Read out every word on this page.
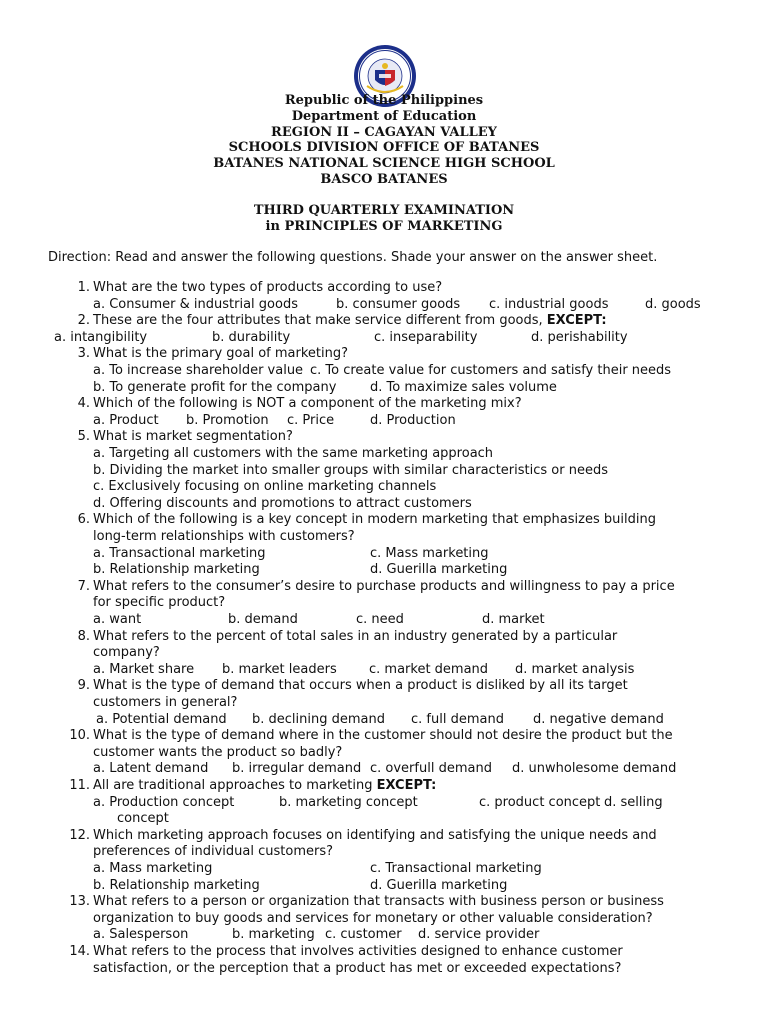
Republic of the Philippines
Department of Education
REGION II – CAGAYAN VALLEY
SCHOOLS DIVISION OFFICE OF BATANES
BATANES NATIONAL SCIENCE HIGH SCHOOL
BASCO BATANES
THIRD QUARTERLY EXAMINATION
in PRINCIPLES OF MARKETING
Direction: Read and answer the following questions. Shade your answer on the answer sheet.
1. What are the two types of products according to use?
a. Consumer & industrial goods	b. consumer goods c. industrial goods	d. goods
2. These are the four attributes that make service different from goods, EXCEPT:
a. intangibility	b. durability	c. inseparability	d. perishability
3. What is the primary goal of marketing?
a. To increase shareholder value c. To create value for customers and satisfy their needs
b. To generate profit for the company	d. To maximize sales volume
4. Which of the following is NOT a component of the marketing mix?
a. Product b. Promotion c. Price	d. Production
5. What is market segmentation?
a. Targeting all customers with the same marketing approach
b. Dividing the market into smaller groups with similar characteristics or needs
c. Exclusively focusing on online marketing channels
d. Offering discounts and promotions to attract customers
6. Which of the following is a key concept in modern marketing that emphasizes building
long-term relationships with customers?
a. Transactional marketing	c. Mass marketing
b. Relationship marketing	d. Guerilla marketing
7. What refers to the consumer’s desire to purchase products and willingness to pay a price
for specific product?
a. want	b. demand	c. need	d. market
8. What refers to the percent of total sales in an industry generated by a particular
company?
a. Market share b. market leaders c. market demand d. market analysis
9. What is the type of demand that occurs when a product is disliked by all its target
customers in general?
a. Potential demand b. declining demand c. full demand d. negative demand
10. What is the type of demand where in the customer should not desire the product but the
customer wants the product so badly?
a. Latent demand b. irregular demand c. overfull demand d. unwholesome demand
11. All are traditional approaches to marketing EXCEPT:
a. Production concept	b. marketing concept	c. product concept d. selling
concept
12. Which marketing approach focuses on identifying and satisfying the unique needs and
preferences of individual customers?
a. Mass marketing	c. Transactional marketing
b. Relationship marketing	d. Guerilla marketing
13. What refers to a person or organization that transacts with business person or business
organization to buy goods and services for monetary or other valuable consideration?
a. Salesperson	b. marketing c. customer d. service provider
14. What refers to the process that involves activities designed to enhance customer
satisfaction, or the perception that a product has met or exceeded expectations?
